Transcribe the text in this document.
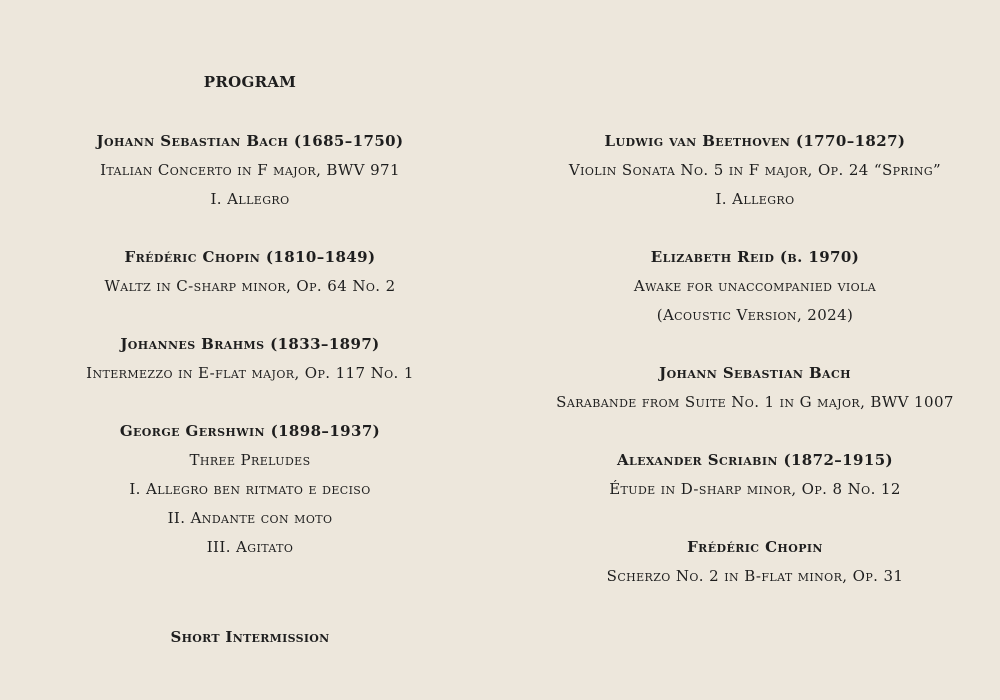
PROGRAM
Johann Sebastian Bach (1685–1750)
Italian Concerto in F major, BWV 971
I. Allegro
Frédéric Chopin (1810–1849)
Waltz in C-sharp minor, Op. 64 No. 2
Johannes Brahms (1833–1897)
Intermezzo in E-flat major, Op. 117 No. 1
George Gershwin (1898–1937)
Three Preludes
I. Allegro ben ritmato e deciso
II. Andante con moto
III. Agitato
Ludwig van Beethoven (1770–1827)
Violin Sonata No. 5 in F major, Op. 24 “Spring”
I. Allegro
Elizabeth Reid (b. 1970)
Awake for unaccompanied viola
(Acoustic Version, 2024)
Johann Sebastian Bach
Sarabande from Suite No. 1 in G major, BWV 1007
Alexander Scriabin (1872–1915)
Étude in D-sharp minor, Op. 8 No. 12
Frédéric Chopin
Scherzo No. 2 in B-flat minor, Op. 31
Short Intermission
